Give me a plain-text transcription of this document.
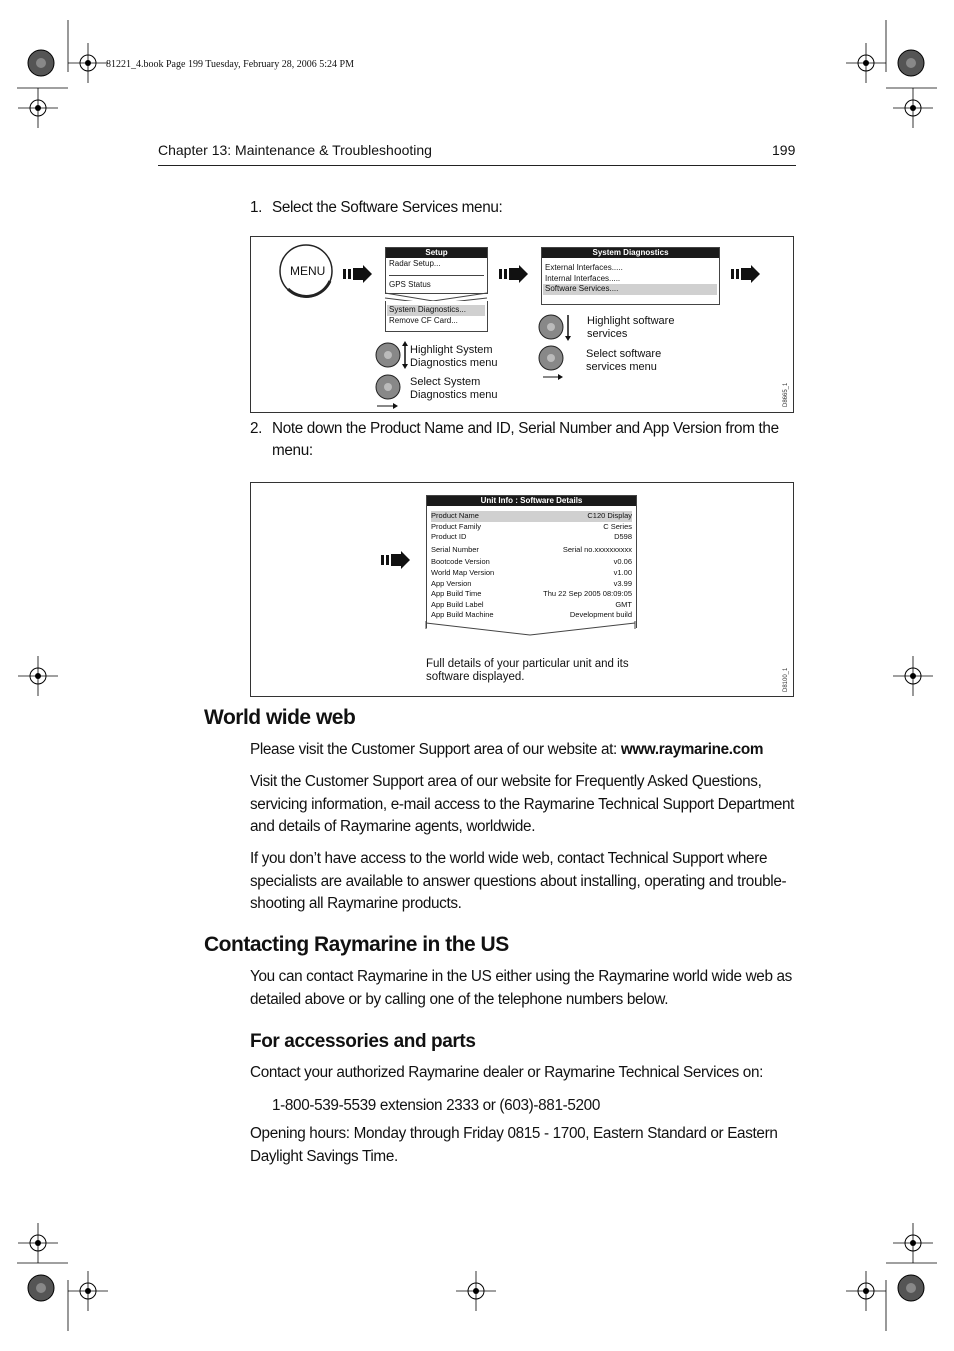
81221_4.book Page 199 Tuesday, February 28, 2006 5:24 PM
Chapter 13: Maintenance & Troubleshooting	199
1. Select the Software Services menu:
MENU
Setup
Radar Setup...
GPS Status
System Diagnostics...
Remove CF Card...
System Diagnostics
External Interfaces.....
Internal Interfaces.....
Software Services....
Highlight System
Diagnostics menu
Select System
Diagnostics menu
Highlight software
services
Select software
services menu
D8665_1
2. Note down the Product Name and ID, Serial Number and App Version from the
menu:
Unit Info : Software Details
Product Name	C120 Display
Product Family	C Series
Product ID	D598
Serial Number	Serial no.xxxxxxxxxx
Bootcode Version	v0.06
World Map Version	v1.00
App Version	v3.99
App Build Time	Thu 22 Sep 2005 08:09:05
App Build Label	GMT
App Build Machine	Development build
Full details of your particular unit and its
software displayed.	D8100_1
World wide web
Please visit the Customer Support area of our website at: www.raymarine.com
Visit the Customer Support area of our website for Frequently Asked Questions,
servicing information, e-mail access to the Raymarine Technical Support Department
and details of Raymarine agents, worldwide.
If you don’t have access to the world wide web, contact Technical Support where
specialists are available to answer questions about installing, operating and trouble-
shooting all Raymarine products.
Contacting Raymarine in the US
You can contact Raymarine in the US either using the Raymarine world wide web as
detailed above or by calling one of the telephone numbers below.
For accessories and parts
Contact your authorized Raymarine dealer or Raymarine Technical Services on:
1-800-539-5539 extension 2333 or (603)-881-5200
Opening hours: Monday through Friday 0815 - 1700, Eastern Standard or Eastern
Daylight Savings Time.
